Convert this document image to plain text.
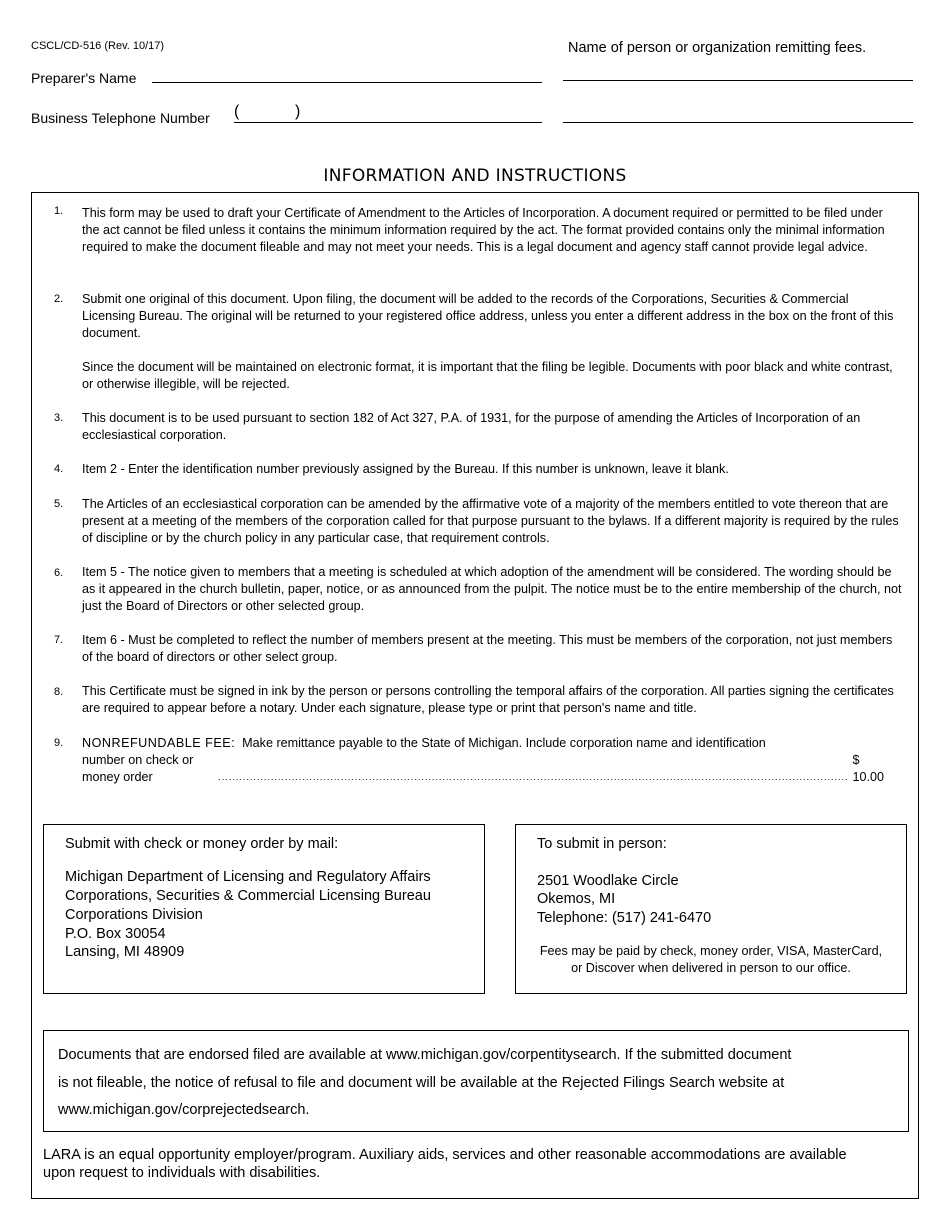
CSCL/CD-516 (Rev. 10/17)	Name of person or organization remitting fees.
Preparer's Name
Business Telephone Number (	)
INFORMATION AND INSTRUCTIONS
1. This form may be used to draft your Certificate of Amendment to the Articles of Incorporation. A document required or permitted to be filed under the act cannot be filed unless it contains the minimum information required by the act. The format provided contains only the minimal information required to make the document fileable and may not meet your needs. This is a legal document and agency staff cannot provide legal advice.
2. Submit one original of this document. Upon filing, the document will be added to the records of the Corporations, Securities & Commercial Licensing Bureau. The original will be returned to your registered office address, unless you enter a different address in the box on the front of this document.
Since the document will be maintained on electronic format, it is important that the filing be legible. Documents with poor black and white contrast, or otherwise illegible, will be rejected.
3. This document is to be used pursuant to section 182 of Act 327, P.A. of 1931, for the purpose of amending the Articles of Incorporation of an ecclesiastical corporation.
4. Item 2 - Enter the identification number previously assigned by the Bureau. If this number is unknown, leave it blank.
5. The Articles of an ecclesiastical corporation can be amended by the affirmative vote of a majority of the members entitled to vote thereon that are present at a meeting of the members of the corporation called for that purpose pursuant to the bylaws. If a different majority is required by the rules of discipline or by the church policy in any particular case, that requirement controls.
6. Item 5 - The notice given to members that a meeting is scheduled at which adoption of the amendment will be considered. The wording should be as it appeared in the church bulletin, paper, notice, or as announced from the pulpit. The notice must be to the entire membership of the church, not just the Board of Directors or other selected group.
7. Item 6 - Must be completed to reflect the number of members present at the meeting. This must be members of the corporation, not just members of the board of directors or other select group.
8. This Certificate must be signed in ink by the person or persons controlling the temporal affairs of the corporation. All parties signing the certificates are required to appear before a notary. Under each signature, please type or print that person's name and title.
9. NONREFUNDABLE FEE: Make remittance payable to the State of Michigan. Include corporation name and identification
number on check or money order	....................................................................................................................................................................................
$ 10.00
Submit with check or money order by mail:
Michigan Department of Licensing and Regulatory Affairs
Corporations, Securities & Commercial Licensing Bureau
Corporations Division
P.O. Box 30054
Lansing, MI 48909
To submit in person:
2501 Woodlake Circle
Okemos, MI
Telephone: (517) 241-6470
Fees may be paid by check, money order, VISA, MasterCard,
or Discover when delivered in person to our office.
Documents that are endorsed filed are available at www.michigan.gov/corpentitysearch. If the submitted document
is not fileable, the notice of refusal to file and document will be available at the Rejected Filings Search website at
www.michigan.gov/corprejectedsearch.
LARA is an equal opportunity employer/program. Auxiliary aids, services and other reasonable accommodations are available
upon request to individuals with disabilities.
